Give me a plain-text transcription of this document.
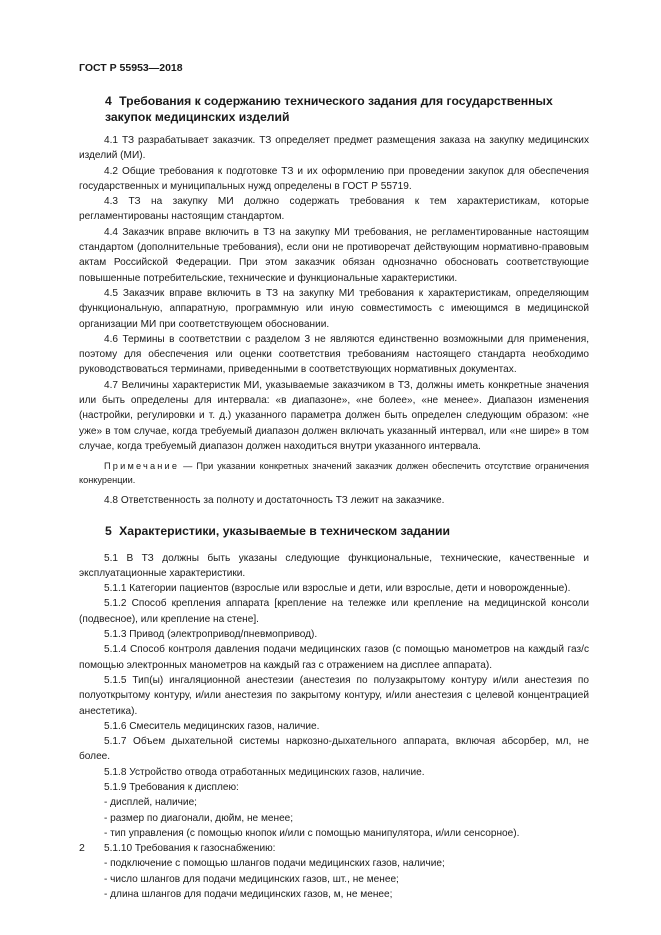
ГОСТ Р 55953—2018
4 Требования к содержанию технического задания для государственных закупок медицинских изделий

4.1 ТЗ разрабатывает заказчик. ТЗ определяет предмет размещения заказа на закупку медицинских изделий (МИ).

4.2 Общие требования к подготовке ТЗ и их оформлению при проведении закупок для обеспечения государственных и муниципальных нужд определены в ГОСТ Р 55719.

4.3 ТЗ на закупку МИ должно содержать требования к тем характеристикам, которые регламентированы настоящим стандартом.

4.4 Заказчик вправе включить в ТЗ на закупку МИ требования, не регламентированные настоящим стандартом (дополнительные требования), если они не противоречат действующим нормативно-правовым актам Российской Федерации. При этом заказчик обязан однозначно обосновать соответствующие повышенные потребительские, технические и функциональные характеристики.

4.5 Заказчик вправе включить в ТЗ на закупку МИ требования к характеристикам, определяющим функциональную, аппаратную, программную или иную совместимость с имеющимся в медицинской организации МИ при соответствующем обосновании.

4.6 Термины в соответствии с разделом 3 не являются единственно возможными для применения, поэтому для обеспечения или оценки соответствия требованиям настоящего стандарта необходимо руководствоваться терминами, приведенными в соответствующих нормативных документах.

4.7 Величины характеристик МИ, указываемые заказчиком в ТЗ, должны иметь конкретные значения или быть определены для интервала: «в диапазоне», «не более», «не менее». Диапазон изменения (настройки, регулировки и т. д.) указанного параметра должен быть определен следующим образом: «не уже» в том случае, когда требуемый диапазон должен включать указанный интервал, или «не шире» в том случае, когда требуемый диапазон должен находиться внутри указанного интервала.

Примечание — При указании конкретных значений заказчик должен обеспечить отсутствие ограничения конкуренции.

4.8 Ответственность за полноту и достаточность ТЗ лежит на заказчике.

5 Характеристики, указываемые в техническом задании

5.1 В ТЗ должны быть указаны следующие функциональные, технические, качественные и эксплуатационные характеристики.

5.1.1 Категории пациентов (взрослые или взрослые и дети, или взрослые, дети и новорожденные).

5.1.2 Способ крепления аппарата [крепление на тележке или крепление на медицинской консоли (подвесное), или крепление на стене].

5.1.3 Привод (электропривод/пневмопривод).

5.1.4 Способ контроля давления подачи медицинских газов (с помощью манометров на каждый газ/с помощью электронных манометров на каждый газ с отражением на дисплее аппарата).

5.1.5 Тип(ы) ингаляционной анестезии (анестезия по полузакрытому контуру и/или анестезия по полуоткрытому контуру, и/или анестезия по закрытому контуру, и/или анестезия с целевой концентрацией анестетика).

5.1.6 Смеситель медицинских газов, наличие.

5.1.7 Объем дыхательной системы наркозно-дыхательного аппарата, включая абсорбер, мл, не более.

5.1.8 Устройство отвода отработанных медицинских газов, наличие.

5.1.9 Требования к дисплею:

- дисплей, наличие;

- размер по диагонали, дюйм, не менее;

- тип управления (с помощью кнопок и/или с помощью манипулятора, и/или сенсорное).

5.1.10 Требования к газоснабжению:

- подключение с помощью шлангов подачи медицинских газов, наличие;

- число шлангов для подачи медицинских газов, шт., не менее;

- длина шлангов для подачи медицинских газов, м, не менее;

2
